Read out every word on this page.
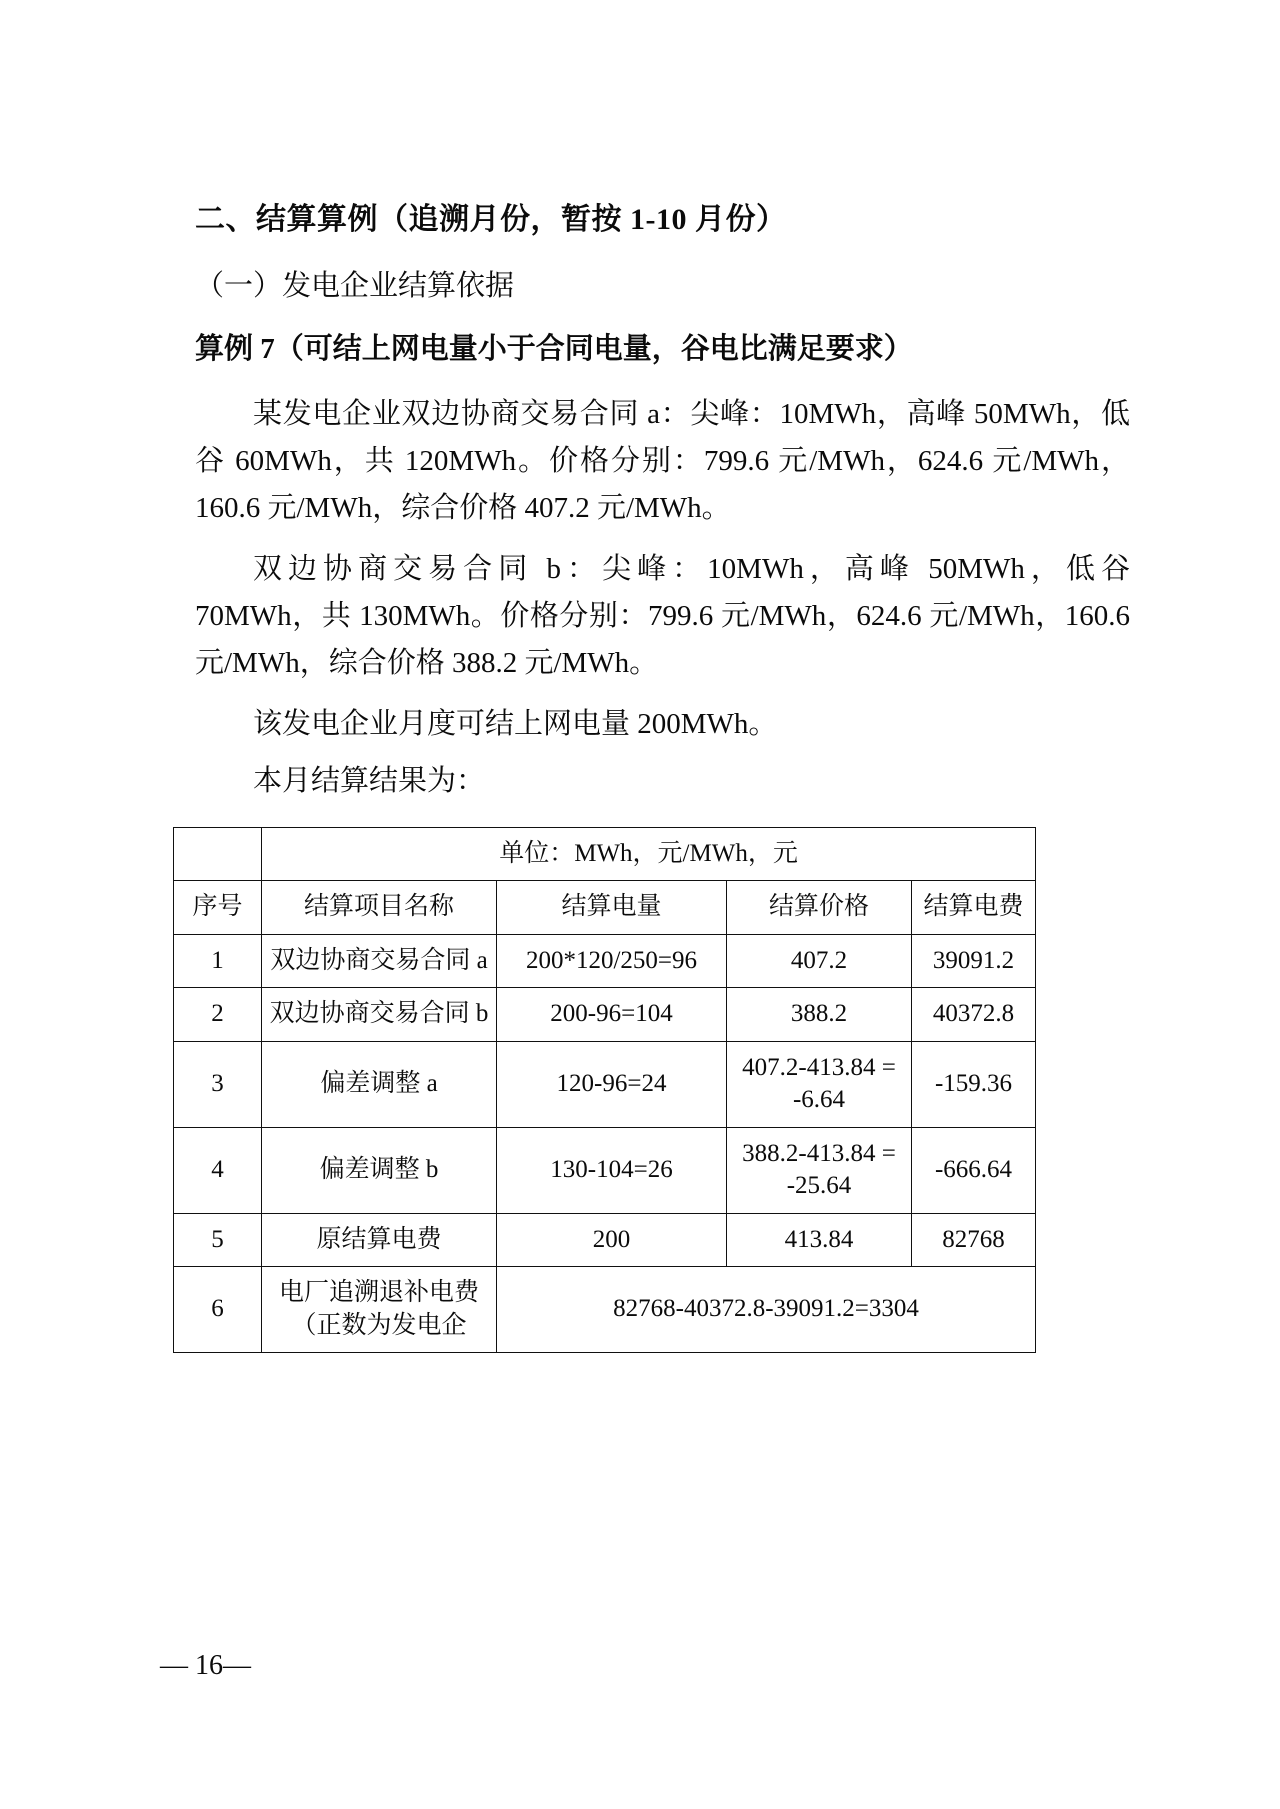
二、结算算例（追溯月份，暂按 1-10 月份）
（一）发电企业结算依据
算例 7（可结上网电量小于合同电量，谷电比满足要求）

某发电企业双边协商交易合同 a：尖峰：10MWh，高峰 50MWh，低谷 60MWh，共 120MWh。价格分别：799.6 元/MWh，624.6 元/MWh，160.6 元/MWh，综合价格 407.2 元/MWh。

双边协商交易合同 b：尖峰：10MWh，高峰 50MWh，低谷 70MWh，共 130MWh。价格分别：799.6 元/MWh，624.6 元/MWh，160.6 元/MWh，综合价格 388.2 元/MWh。

该发电企业月度可结上网电量 200MWh。

本月结算结果为：

	单位：MWh，元/MWh，元			
序号	结算项目名称	结算电量	结算价格	结算电费
1	双边协商交易合同 a	200*120/250=96	407.2	39091.2
2	双边协商交易合同 b	200-96=104	388.2	40372.8
3	偏差调整 a	120-96=24	407.2-413.84 = -6.64	-159.36
4	偏差调整 b	130-104=26	388.2-413.84 = -25.64	-666.64
5	原结算电费	200	413.84	82768
6	电厂追溯退补电费（正数为发电企	82768-40372.8-39091.2=3304		
— 16—
